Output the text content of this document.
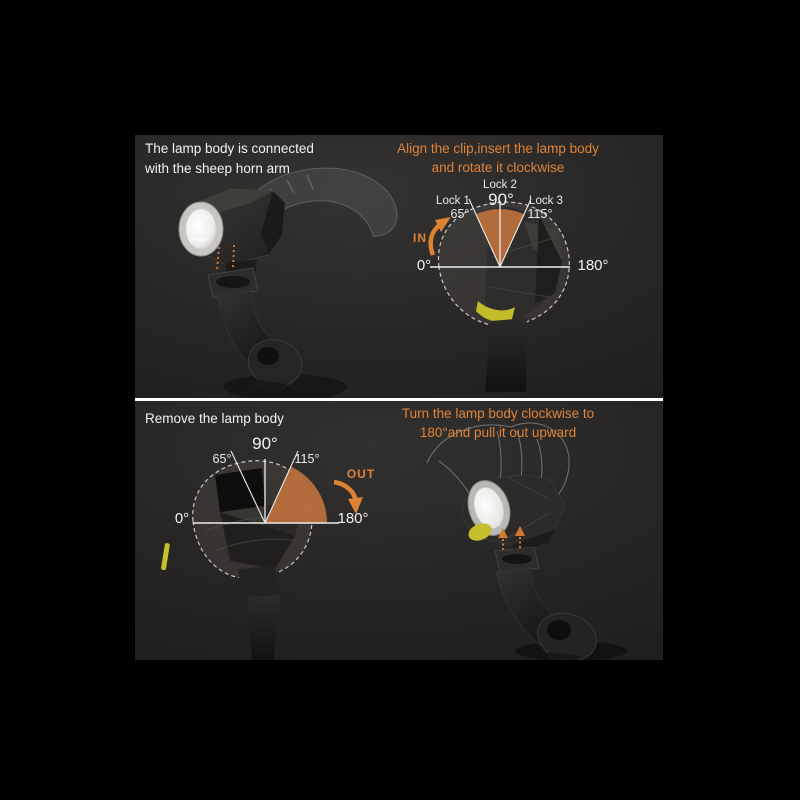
The lamp body is connected
with the sheep horn arm
Align the clip,insert the lamp body
and rotate it clockwise
Lock 2
90°
Lock 1	Lock 3
65°	115°
IN
0°	180°
Remove the lamp body
90°
65°	115°
OUT
0°	180°
Turn the lamp body clockwise to
180°and pull it out upward
